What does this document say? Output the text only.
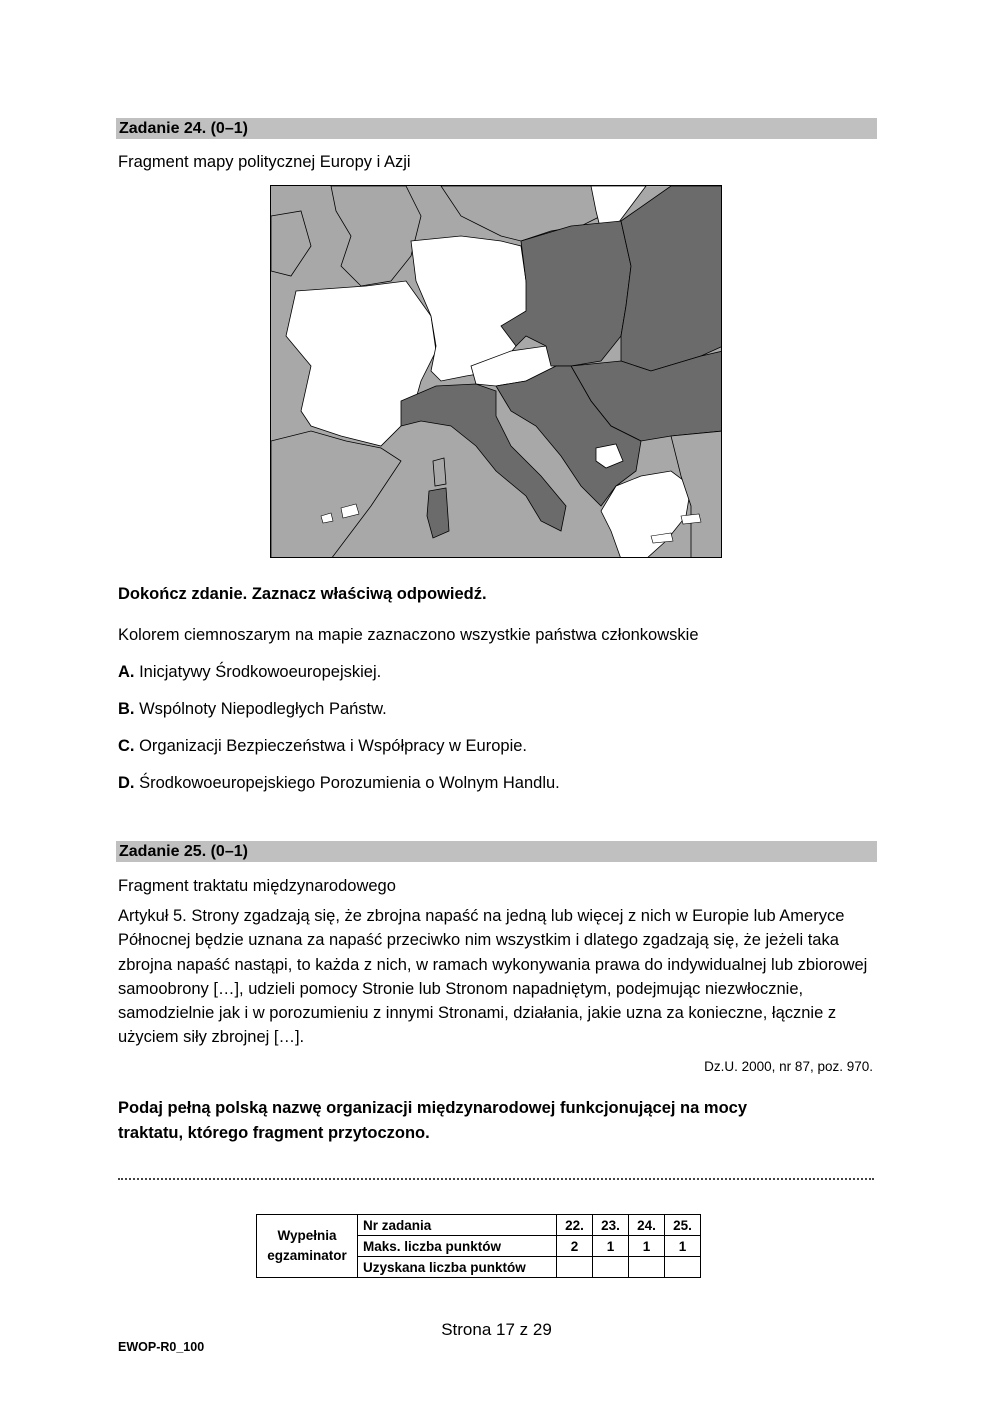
Zadanie 24. (0–1)
Fragment mapy politycznej Europy i Azji
Dokończ zdanie. Zaznacz właściwą odpowiedź.
Kolorem ciemnoszarym na mapie zaznaczono wszystkie państwa członkowskie
A. Inicjatywy Środkowoeuropejskiej.
B. Wspólnoty Niepodległych Państw.
C. Organizacji Bezpieczeństwa i Współpracy w Europie.
D. Środkowoeuropejskiego Porozumienia o Wolnym Handlu.
Zadanie 25. (0–1)
Fragment traktatu międzynarodowego
Artykuł 5. Strony zgadzają się, że zbrojna napaść na jedną lub więcej z nich w Europie lub Ameryce Północnej będzie uznana za napaść przeciwko nim wszystkim i dlatego zgadzają się, że jeżeli taka zbrojna napaść nastąpi, to każda z nich, w ramach wykonywania prawa do indywidualnej lub zbiorowej samoobrony […], udzieli pomocy Stronie lub Stronom napadniętym, podejmując niezwłocznie, samodzielnie jak i w porozumieniu z innymi Stronami, działania, jakie uzna za konieczne, łącznie z użyciem siły zbrojnej […].
Dz.U. 2000, nr 87, poz. 970.
Podaj pełną polską nazwę organizacji międzynarodowej funkcjonującej na mocy
traktatu, którego fragment przytoczono.
Wypełnia
egzaminator	Nr zadania	22.	23.	24.	25.
	Maks. liczba punktów	2	1	1	1
	Uzyskana liczba punktów				
Strona 17 z 29
EWOP-R0_100
